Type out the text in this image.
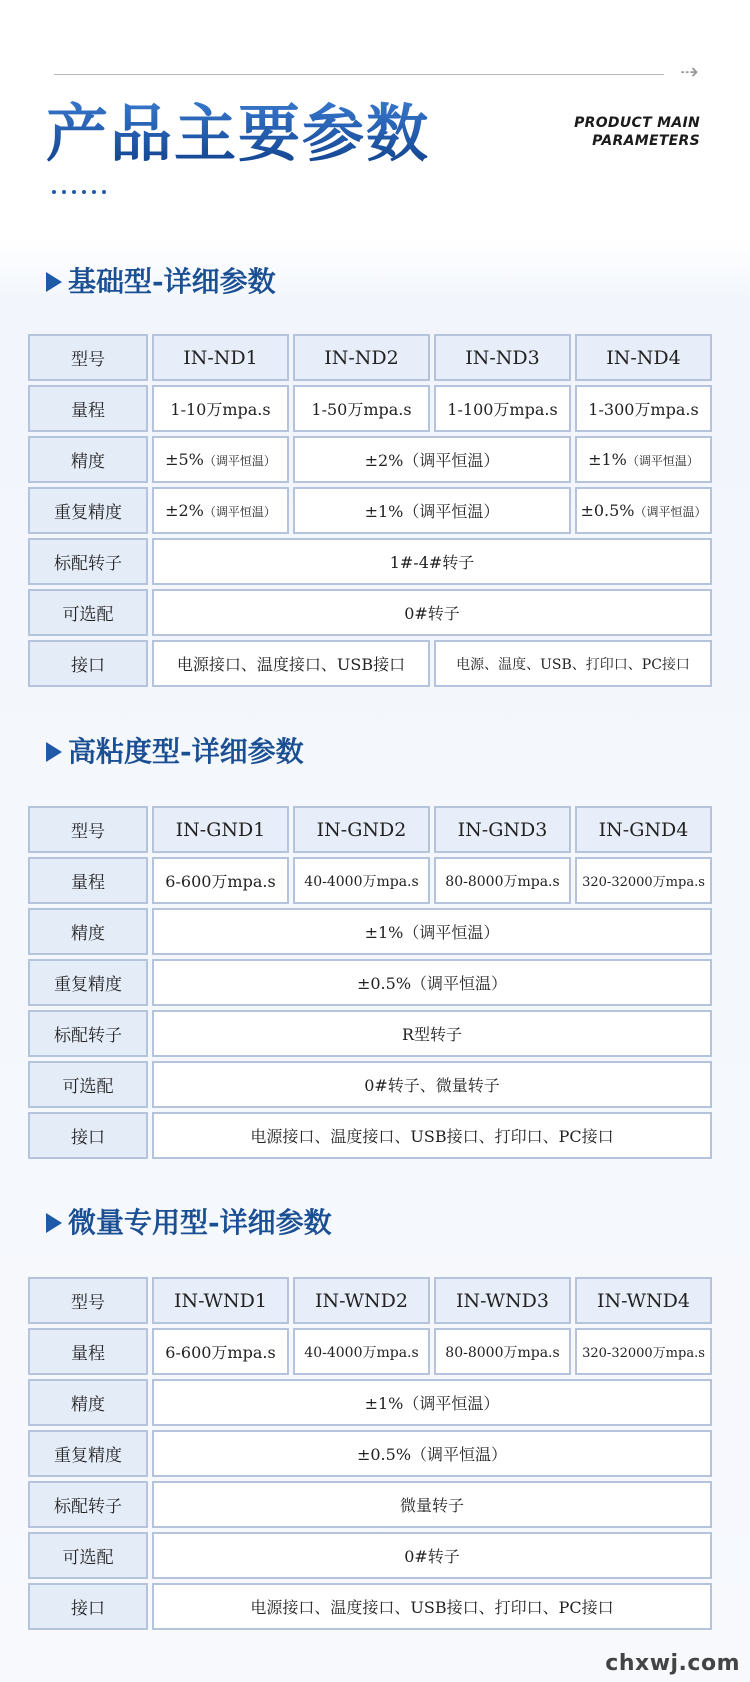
⇢
产品主要参数	PRODUCT MAIN
PARAMETERS
基础型-详细参数
型号	IN-ND1	IN-ND2	IN-ND3	IN-ND4
量程	1-10万mpa.s	1-50万mpa.s	1-100万mpa.s	1-300万mpa.s
精度	±5%（调平恒温）	±2%（调平恒温）		±1%（调平恒温）
重复精度	±2%（调平恒温）	±1%（调平恒温）		±0.5%（调平恒温）
标配转子	1#-4#转子			
可选配	0#转子			
接口	电源接口、温度接口、USB接口		电源、温度、USB、打印口、PC接口	
高粘度型-详细参数
型号	IN-GND1	IN-GND2	IN-GND3	IN-GND4
量程	6-600万mpa.s	40-4000万mpa.s	80-8000万mpa.s	320-32000万mpa.s
精度	±1%（调平恒温）			
重复精度	±0.5%（调平恒温）			
标配转子	R型转子			
可选配	0#转子、微量转子			
接口	电源接口、温度接口、USB接口、打印口、PC接口			
微量专用型-详细参数
型号	IN-WND1	IN-WND2	IN-WND3	IN-WND4
量程	6-600万mpa.s	40-4000万mpa.s	80-8000万mpa.s	320-32000万mpa.s
精度	±1%（调平恒温）			
重复精度	±0.5%（调平恒温）			
标配转子	微量转子			
可选配	0#转子			
接口	电源接口、温度接口、USB接口、打印口、PC接口			
chxwj.com
